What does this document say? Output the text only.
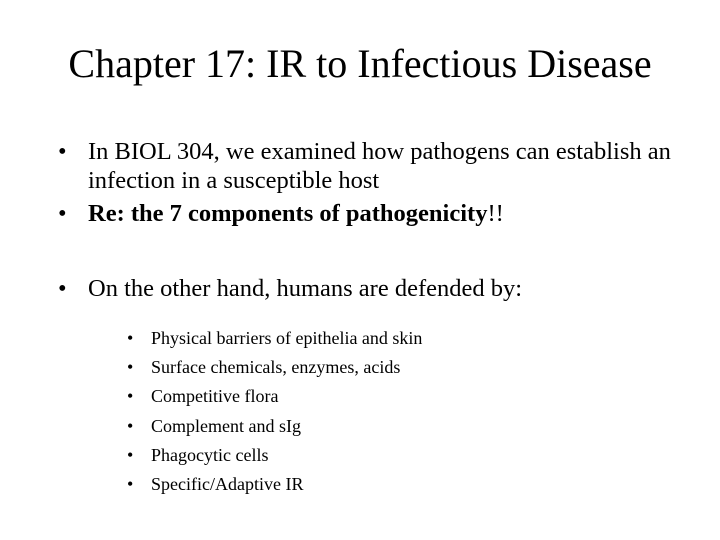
Chapter 17: IR to Infectious Disease
• In BIOL 304, we examined how pathogens can establish an infection in a susceptible host
• Re: the 7 components of pathogenicity!!
• On the other hand, humans are defended by:
• Physical barriers of epithelia and skin
• Surface chemicals, enzymes, acids
• Competitive flora
• Complement and sIg
• Phagocytic cells
• Specific/Adaptive IR
